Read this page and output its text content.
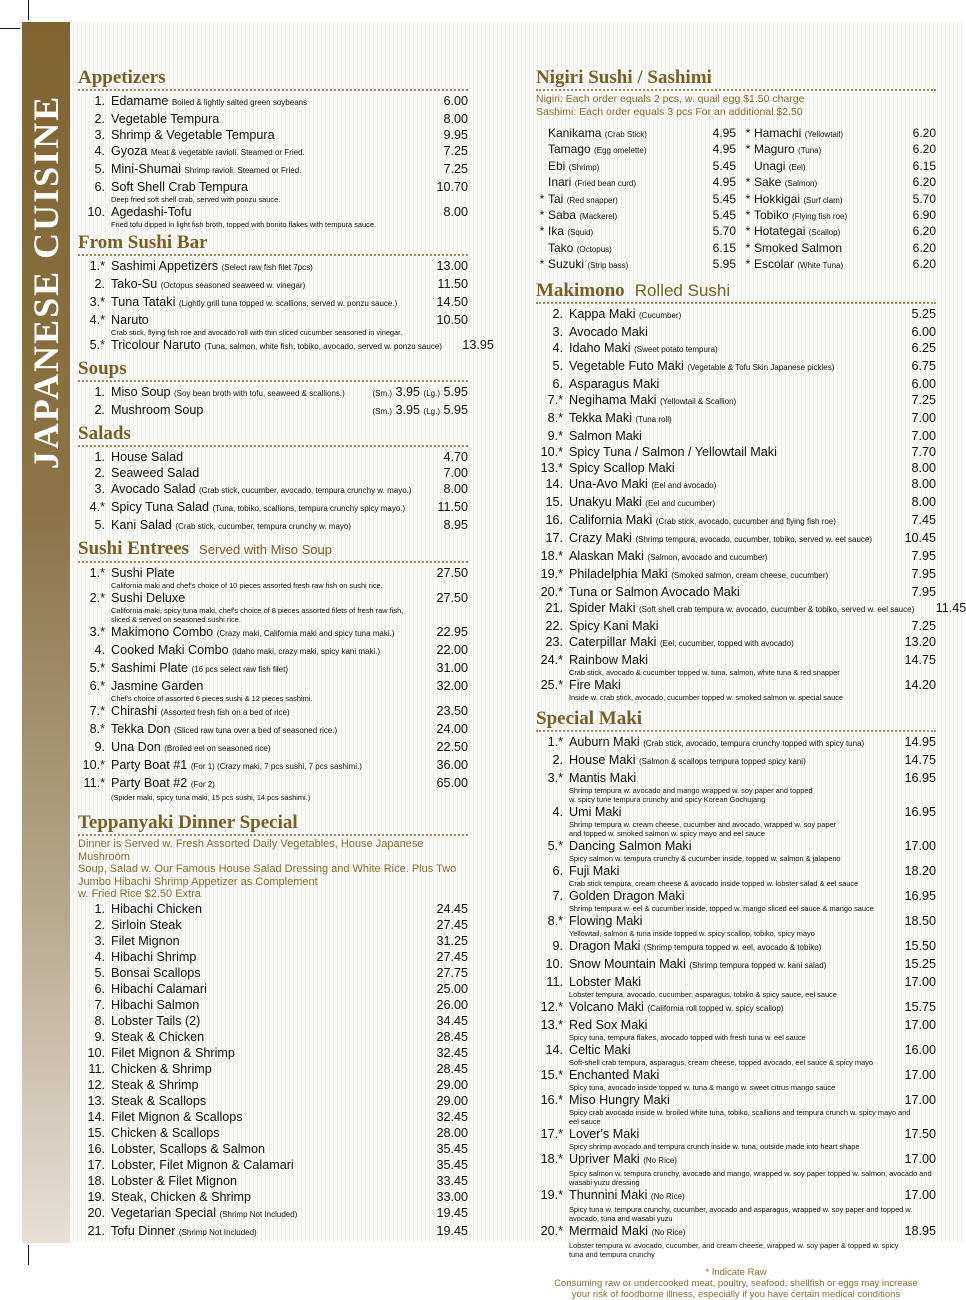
JAPANESE CUISINE
Appetizers
1. Edamame Boiled & lightly salted green soybeans	6.00
2. Vegetable Tempura	8.00
3. Shrimp & Vegetable Tempura	9.95
4. Gyoza Meat & vegetable ravioli. Steamed or Fried.	7.25
5. Mini-Shumai Shrimp ravioli. Steamed or Fried.	7.25
6. Soft Shell Crab Tempura	10.70
Deep fried soft shell crab, served with ponzu sauce.
10. Agedashi-Tofu	8.00
Fried tofu dipped in light fish broth, topped with bonito flakes with tempura sauce.
From Sushi Bar
1.* Sashimi Appetizers (Select raw fish filet 7pcs)	13.00
2. Tako-Su (Octopus seasoned seaweed w. vinegar)	11.50
3.* Tuna Tataki (Lightly grill tuna topped w. scallions, served w. ponzu sauce.)	14.50
4.* Naruto	10.50
Crab stick, flying fish roe and avocado roll with thin sliced cucumber seasoned in vinegar.
5.* Tricolour Naruto (Tuna, salmon, white fish, tobiko, avocado, served w. ponzu sauce)	13.95
Soups
1. Miso Soup (Soy bean broth with tofu, seaweed & scallions.)	(Sm.) 3.95 (Lg.) 5.95
2. Mushroom Soup	(Sm.) 3.95 (Lg.) 5.95
Salads
1. House Salad	4.70
2. Seaweed Salad	7.00
3. Avocado Salad (Crab stick, cucumber, avocado, tempura crunchy w. mayo.)	8.00
4.* Spicy Tuna Salad (Tuna, tobiko, scallions, tempura crunchy spicy mayo.)	11.50
5. Kani Salad (Crab stick, cucumber, tempura crunchy w. mayo)	8.95
Sushi Entrees Served with Miso Soup
1.* Sushi Plate	27.50
California maki and chef's choice of 10 pieces assorted fresh raw fish on sushi rice.
2.* Sushi Deluxe	27.50
California maki, spicy tuna maki, chef's choice of 8 pieces assorted filets of fresh raw fish,
sliced & served on seasoned sushi rice.
3.* Makimono Combo (Crazy maki, California maki and spicy tuna maki.)	22.95
4. Cooked Maki Combo (Idaho maki, crazy maki, spicy kani maki.)	22.00
5.* Sashimi Plate (16 pcs select raw fish filet)	31.00
6.* Jasmine Garden	32.00
Chef's choice of assorted 6 pieces sushi & 12 pieces sashimi.
7.* Chirashi (Assorted fresh fish on a bed of rice)	23.50
8.* Tekka Don (Sliced raw tuna over a bed of seasoned rice.)	24.00
9. Una Don (Broiled eel on seasoned rice)	22.50
10.* Party Boat #1 (For 1) (Crazy maki, 7 pcs sushi, 7 pcs sashimi.)	36.00
11.* Party Boat #2 (For 2)	65.00
(Spider maki, spicy tuna maki, 15 pcs sushi, 14 pcs sashimi.)
Teppanyaki Dinner Special
Dinner is Served w. Fresh Assorted Daily Vegetables, House Japanese Mushroom
Soup, Salad w. Our Famous House Salad Dressing and White Rice. Plus Two
Jumbo Hibachi Shrimp Appetizer as Complement
w. Fried Rice $2.50 Extra
1. Hibachi Chicken	24.45
2. Sirloin Steak	27.45
3. Filet Mignon	31.25
4. Hibachi Shrimp	27.45
5. Bonsai Scallops	27.75
6. Hibachi Calamari	25.00
7. Hibachi Salmon	26.00
8. Lobster Tails (2)	34.45
9. Steak & Chicken	28.45
10. Filet Mignon & Shrimp	32.45
11. Chicken & Shrimp	28.45
12. Steak & Shrimp	29.00
13. Steak & Scallops	29.00
14. Filet Mignon & Scallops	32.45
15. Chicken & Scallops	28.00
16. Lobster, Scallops & Salmon	35.45
17. Lobster, Filet Mignon & Calamari	35.45
18. Lobster & Filet Mignon	33.45
19. Steak, Chicken & Shrimp	33.00
20. Vegetarian Special (Shrimp Not Included)	19.45
21. Tofu Dinner (Shrimp Not Included)	19.45
Nigiri Sushi / Sashimi
Nigiri: Each order equals 2 pcs, w. quail egg $1.50 charge
Sashimi: Each order equals 3 pcs For an additional $2.50
Kanikama (Crab Stick)	4.95 * Hamachi (Yellowtail)	6.20
Tamago (Egg omelette)	4.95 * Maguro (Tuna)	6.20
Ebi (Shrimp)	5.45 Unagi (Eel)	6.15
Inari (Fried bean curd)	4.95 * Sake (Salmon)	6.20
* Tai (Red snapper)	5.45 * Hokkigai (Surf clam)	5.70
* Saba (Mackerel)	5.45 * Tobiko (Flying fish roe)	6.90
* Ika (Squid)	5.70 * Hotategai (Scallop)	6.20
Tako (Octopus)	6.15 * Smoked Salmon	6.20
* Suzuki (Strip bass)	5.95 * Escolar (White Tuna)	6.20
Makimono Rolled Sushi
2. Kappa Maki (Cucumber)	5.25
3. Avocado Maki	6.00
4. Idaho Maki (Sweet potato tempura)	6.25
5. Vegetable Futo Maki (Vegetable & Tofu Skin Japanese pickles)	6.75
6. Asparagus Maki	6.00
7.* Negihama Maki (Yellowtail & Scallion)	7.25
8.* Tekka Maki (Tuna roll)	7.00
9.* Salmon Maki	7.00
10.* Spicy Tuna / Salmon / Yellowtail Maki	7.70
13.* Spicy Scallop Maki	8.00
14. Una-Avo Maki (Eel and avocado)	8.00
15. Unakyu Maki (Eel and cucumber)	8.00
16. California Maki (Crab stick, avocado, cucumber and flying fish roe)	7.45
17. Crazy Maki (Shrimp tempura, avocado, cucumber, tobiko, served w. eel sauce)	10.45
18.* Alaskan Maki (Salmon, avocado and cucumber)	7.95
19.* Philadelphia Maki (Smoked salmon, cream cheese, cucumber)	7.95
20.* Tuna or Salmon Avocado Maki	7.95
21. Spider Maki (Soft shell crab tempura w. avocado, cucumber & tobiko, served w. eel sauce)	11.45
22. Spicy Kani Maki	7.25
23. Caterpillar Maki (Eel, cucumber, topped with avocado)	13.20
24.* Rainbow Maki	14.75
Crab stick, avocado & cucumber topped w. tuna, salmon, white tuna & red snapper
25.* Fire Maki	14.20
Inside w. crab stick, avocado, cucumber topped w. smoked salmon w. special sauce
Special Maki
1.* Auburn Maki (Crab stick, avocado, tempura crunchy topped with spicy tuna)	14.95
2. House Maki (Salmon & scallops tempura topped spicy kani)	14.75
3.* Mantis Maki	16.95
Shrimp tempura w. avocado and mango wrapped w. soy paper and topped
w. spicy tune tempura crunchy and spicy Korean Gochujang
4. Umi Maki	16.95
Shrimp tempura w. cream cheese, cucumber and avocado, wrapped w. soy paper
and topped w. smoked salmon w. spicy mayo and eel sauce
5.* Dancing Salmon Maki	17.00
Spicy salmon w. tempura crunchy & cucumber inside, topped w. salmon & jalapeno
6. Fuji Maki	18.20
Crab stick tempura, cream cheese & avocado inside topped w. lobster salad & eel sauce
7. Golden Dragon Maki	16.95
Shrimp tempura w. eel & cucumber inside, topped w. mango sliced eel sauce & mango sauce
8.* Flowing Maki	18.50
Yellowtail, salmon & tuna inside topped w. spicy scallop, tobiko, spicy mayo
9. Dragon Maki (Shrimp tempura topped w. eel, avocado & tobiko)	15.50
10. Snow Mountain Maki (Shrimp tempura topped w. kani salad)	15.25
11. Lobster Maki	17.00
Lobster tempura, avocado, cucumber, asparagus, tobiko & spicy sauce, eel sauce
12.* Volcano Maki (California roll topped w. spicy scallop)	15.75
13.* Red Sox Maki	17.00
Spicy tuna, tempura flakes, avocado topped with fresh tuna w. eel sauce
14. Celtic Maki	16.00
Soft-shell crab tempura, asparagus, cream cheese, topped avocado, eel sauce & spicy mayo
15.* Enchanted Maki	17.00
Spicy tuna, avocado inside topped w. tuna & mango w. sweet citrus mango sauce
16.* Miso Hungry Maki	17.00
Spicy crab avocado inside w. broiled white tuna, tobiko, scallions and tempura crunch w. spicy mayo and
eel sauce
17.* Lover's Maki	17.50
Spicy shrimp avocado and tempura crunch inside w. tuna, outside made into heart shape
18.* Upriver Maki (No Rice)	17.00
Spicy salmon w. tempura crunchy, avocado and mango, wrapped w. soy paper topped w. salmon, avocado and
wasabi yuzu dressing
19.* Thunnini Maki (No Rice)	17.00
Spicy tuna w. tempura crunchy, cucumber, avocado and asparagus, wrapped w. soy paper and topped w.
avocado, tuna and wasabi yuzu
20.* Mermaid Maki (No Rice)	18.95
Lobster tempura w. avocado, cucumber, and cream cheese, wrapped w. soy paper & topped w. spicy
tuna and tempura crunchy
* Indicate Raw
Consuming raw or undercooked meat, poultry, seafood, shellfish or eggs may increase
your risk of foodborne illness, especially if you have certain medical conditions
